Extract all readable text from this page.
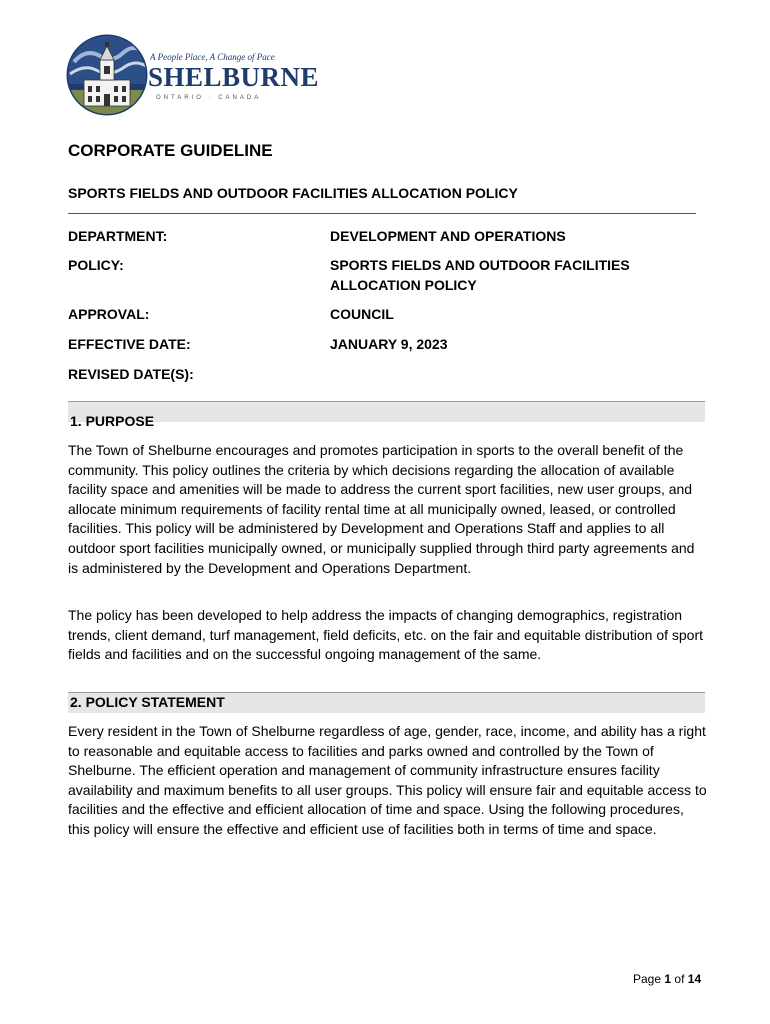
A People Place, A Change of Pace
SHELBURNE
ONTARIO · CANADA
CORPORATE GUIDELINE
SPORTS FIELDS AND OUTDOOR FACILITIES ALLOCATION POLICY
DEPARTMENT:	DEVELOPMENT AND OPERATIONS
POLICY:	SPORTS FIELDS AND OUTDOOR FACILITIES ALLOCATION POLICY
APPROVAL:	COUNCIL
EFFECTIVE DATE:	JANUARY 9, 2023
REVISED DATE(S):
1. PURPOSE

The Town of Shelburne encourages and promotes participation in sports to the overall benefit of the community. This policy outlines the criteria by which decisions regarding the allocation of available facility space and amenities will be made to address the current sport facilities, new user groups, and allocate minimum requirements of facility rental time at all municipally owned, leased, or controlled facilities. This policy will be administered by Development and Operations Staff and applies to all outdoor sport facilities municipally owned, or municipally supplied through third party agreements and is administered by the Development and Operations Department.

The policy has been developed to help address the impacts of changing demographics, registration trends, client demand, turf management, field deficits, etc. on the fair and equitable distribution of sport fields and facilities and on the successful ongoing management of the same.

2. POLICY STATEMENT

Every resident in the Town of Shelburne regardless of age, gender, race, income, and ability has a right to reasonable and equitable access to facilities and parks owned and controlled by the Town of Shelburne. The efficient operation and management of community infrastructure ensures facility availability and maximum benefits to all user groups. This policy will ensure fair and equitable access to facilities and the effective and efficient allocation of time and space. Using the following procedures, this policy will ensure the effective and efficient use of facilities both in terms of time and space.

Page 1 of 14
